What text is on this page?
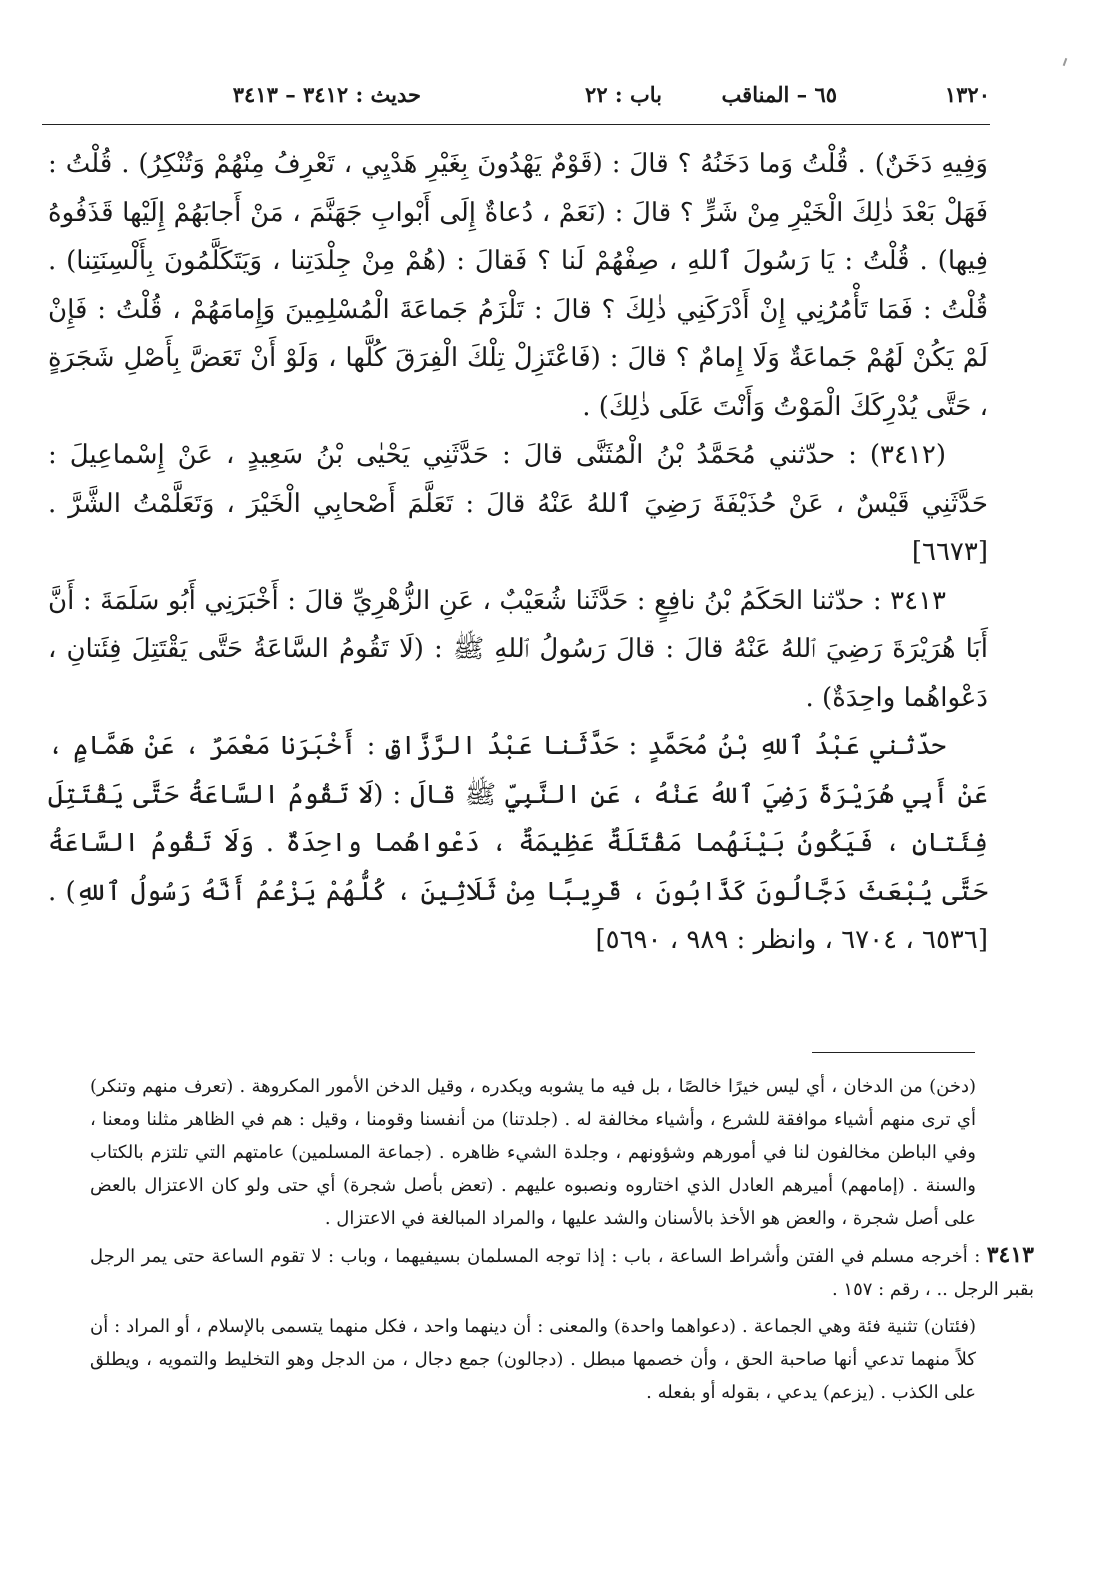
١٣٢٠
٦٥ – المناقب
باب : ٢٢
حديث : ٣٤١٢ – ٣٤١٣

وَفِيهِ دَخَنٌ) . قُلْتُ وَما دَخَنُهُ ؟ قالَ : (قَوْمٌ يَهْدُونَ بِغَيْرِ هَدْيِي ، تَعْرِفُ مِنْهُمْ وَتُنْكِرُ) . قُلْتُ : فَهَلْ بَعْدَ ذٰلِكَ الْخَيْرِ مِنْ شَرٍّ ؟ قالَ : (نَعَمْ ، دُعاةٌ إِلَى أَبْوابِ جَهَنَّمَ ، مَنْ أَجابَهُمْ إِلَيْها قَذَفُوهُ فِيها) . قُلْتُ : يَا رَسُولَ ٱللهِ ، صِفْهُمْ لَنا ؟ فَقالَ : (هُمْ مِنْ جِلْدَتِنا ، وَيَتَكَلَّمُونَ بِأَلْسِنَتِنا) . قُلْتُ : فَمَا تَأْمُرُنِي إِنْ أَدْرَكَنِي ذٰلِكَ ؟ قالَ : تَلْزَمُ جَماعَةَ الْمُسْلِمِينَ وَإِمامَهُمْ ، قُلْتُ : فَإِنْ لَمْ يَكُنْ لَهُمْ جَماعَةٌ وَلَا إِمامٌ ؟ قالَ : (فَاعْتَزِلْ تِلْكَ الْفِرَقَ كُلَّها ، وَلَوْ أَنْ تَعَضَّ بِأَصْلِ شَجَرَةٍ ، حَتَّى يُدْرِكَكَ الْمَوْتُ وَأَنْتَ عَلَى ذٰلِكَ) .

(٣٤١٢) : حدّثني مُحَمَّدُ بْنُ الْمُثَنَّى قالَ : حَدَّثَنِي يَحْيٰى بْنُ سَعِيدٍ ، عَنْ إِسْماعِيلَ : حَدَّثَنِي قَيْسٌ ، عَنْ حُذَيْفَةَ رَضِيَ ٱللهُ عَنْهُ قالَ : تَعَلَّمَ أَصْحابِي الْخَيْرَ ، وَتَعَلَّمْتُ الشَّرَّ . [٦٦٧٣]

٣٤١٣ : حدّثنا الحَكَمُ بْنُ نافِعٍ : حَدَّثَنا شُعَيْبٌ ، عَنِ الزُّهْرِيِّ قالَ : أَخْبَرَنِي أَبُو سَلَمَةَ : أَنَّ أَبَا هُرَيْرَةَ رَضِيَ ٱللهُ عَنْهُ قالَ : قالَ رَسُولُ ٱللهِ ﷺ : (لَا تَقُومُ السَّاعَةُ حَتَّى يَقْتَتِلَ فِئَتانِ ، دَعْواهُما واحِدَةٌ) .

حدّثني عَبْدُ ٱللهِ بْنُ مُحَمَّدٍ : حَدَّثَنا عَبْدُ الرَّزَّاقِ : أَخْبَرَنا مَعْمَرٌ ، عَنْ هَمَّامٍ ، عَنْ أَبِي هُرَيْرَةَ رَضِيَ ٱللهُ عَنْهُ ، عَنِ النَّبِيِّ ﷺ قالَ : (لَا تَقُومُ السَّاعَةُ حَتَّى يَقْتَتِلَ فِئَتانِ ، فَيَكُونُ بَيْنَهُما مَقْتَلَةٌ عَظِيمَةٌ ، دَعْواهُما واحِدَةٌ . وَلَا تَقُومُ السَّاعَةُ حَتَّى يُبْعَثَ دَجَّالُونَ كَذَّابُونَ ، قَرِيبًا مِنْ ثَلَاثِينَ ، كُلُّهُمْ يَزْعُمُ أَنَّهُ رَسُولُ ٱللهِ) . [٦٥٣٦ ، ٦٧٠٤ ، وانظر : ٩٨٩ ، ٥٦٩٠]

(دخن) من الدخان ، أي ليس خيرًا خالصًا ، بل فيه ما يشوبه ويكدره ، وقيل الدخن الأمور المكروهة . (تعرف منهم وتنكر) أي ترى منهم أشياء موافقة للشرع ، وأشياء مخالفة له . (جلدتنا) من أنفسنا وقومنا ، وقيل : هم في الظاهر مثلنا ومعنا ، وفي الباطن مخالفون لنا في أمورهم وشؤونهم ، وجلدة الشيء ظاهره . (جماعة المسلمين) عامتهم التي تلتزم بالكتاب والسنة . (إمامهم) أميرهم العادل الذي اختاروه ونصبوه عليهم . (تعض بأصل شجرة) أي حتى ولو كان الاعتزال بالعض على أصل شجرة ، والعض هو الأخذ بالأسنان والشد عليها ، والمراد المبالغة في الاعتزال .

٣٤١٣ : أخرجه مسلم في الفتن وأشراط الساعة ، باب : إذا توجه المسلمان بسيفيهما ، وباب : لا تقوم الساعة حتى يمر الرجل بقبر الرجل .. ، رقم : ١٥٧ .

(فئتان) تثنية فئة وهي الجماعة . (دعواهما واحدة) والمعنى : أن دينهما واحد ، فكل منهما يتسمى بالإسلام ، أو المراد : أن كلاً منهما تدعي أنها صاحبة الحق ، وأن خصمها مبطل . (دجالون) جمع دجال ، من الدجل وهو التخليط والتمويه ، ويطلق على الكذب . (يزعم) يدعي ، بقوله أو بفعله .
